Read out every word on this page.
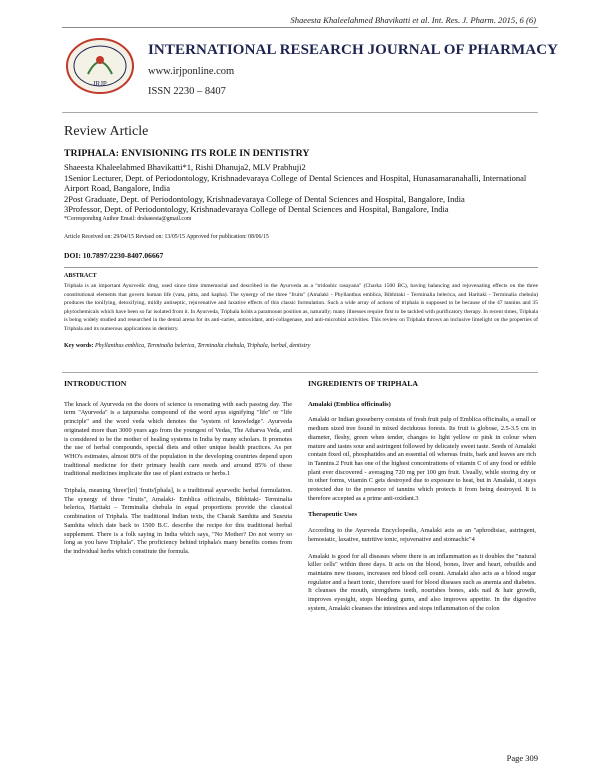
Shaeesta Khaleelahmed Bhavikatti et al. Int. Res. J. Pharm. 2015, 6 (6)
IRJP
INTERNATIONAL RESEARCH JOURNAL OF PHARMACY
www.irjponline.com
ISSN 2230 – 8407
Review Article

TRIPHALA: ENVISIONING ITS ROLE IN DENTISTRY

Shaeesta Khaleelahmed Bhavikatti*1, Rishi Dhanuja2, MLV Prabhuji2

1Senior Lecturer, Dept. of Periodontology, Krishnadevaraya College of Dental Sciences and Hospital, Hunasamaranahalli, International Airport Road, Bangalore, India

2Post Graduate, Dept. of Periodontology, Krishnadevaraya College of Dental Sciences and Hospital, Bangalore, India

3Professor, Dept. of Periodontology, Krishnadevaraya College of Dental Sciences and Hospital, Bangalore, India

*Corresponding Author Email: drshaeesta@gmail.com

Article Received on: 29/04/15 Revised on: 13/05/15 Approved for publication: 08/06/15

DOI: 10.7897/2230-8407.06667

ABSTRACT

Triphala is an important Ayurvedic drug, used since time immemorial and described in the Ayurveda as a "tridoshic rasayana" (Charka 1500 BC), having balancing and rejuvenating effects on the three constitutional elements that govern human life (vata, pitta, and kapha). The synergy of the three "fruits" (Amalaki - Phyllanthus emblica, Bibhitaki - Terminalia belerica, and Haritaki - Terminalia chebula) produces the tonifying, detoxifying, mildly antiseptic, rejuvenative and laxative effects of this classic formulation. Such a wide array of actions of triphala is supposed to be because of the 47 tannins and 35 phytochemicals which have been so far isolated from it. In Ayurveda, Triphala holds a paramount position as, naturally; many illnesses require first to be tackled with purificatory therapy. In recent times, Triphala is being widely studied and researched in the dental arena for its anti-caries, antioxidant, anti-collagenase, and anti-microbial activities. This review on Triphala throws an inclusive limelight on the properties of Triphala and its numerous applications in dentistry.

Key words: Phyllanthus emblica, Terminalia belerica, Terminalia chebula, Triphala, herbal, dentistry

INTRODUCTION

The knack of Ayurveda on the doors of science is resonating with each passing day. The term "Ayurveda" is a tatpurusha compound of the word ayus signifying "life" or "life principle" and the word veda which denotes the "system of knowledge". Ayurveda originated more than 3000 years ago from the youngest of Vedas, The Atharva Veda, and is considered to be the mother of healing systems in India by many scholars. It promotes the use of herbal compounds, special diets and other unique health practices. As per WHO's estimates, almost 80% of the population in the developing countries depend upon traditional medicine for their primary health care needs and around 85% of these traditional medicines implicate the use of plant extracts or herbs.1

Triphala, meaning 'three'[tri] 'fruits'[phala], is a traditional ayurvedic herbal formulation. The synergy of three "fruits", Amalaki- Emblica officinalis, Bibhitaki- Terminalia belerica, Haritaki – Terminalia chebula in equal proportions provide the classical combination of Triphala. The traditional Indian texts, the Charak Samhita and Susruta Samhita which date back to 1500 B.C. describe the recipe for this traditional herbal supplement. There is a folk saying in India which says, "No Mother? Do not worry so long as you have Triphala". The proficiency behind triphala's many benefits comes from the individual herbs which constitute the formula.

INGREDIENTS OF TRIPHALA

Amalaki (Emblica officinalis)

Amalaki or Indian gooseberry consists of fresh fruit pulp of Emblica officinalis, a small or medium sized tree found in mixed deciduous forests. Its fruit is globose, 2.5-3.5 cm in diameter, fleshy, green when tender, changes to light yellow or pink in colour when mature and tastes sour and astringent followed by delicately sweet taste. Seeds of Amalaki contain fixed oil, phosphatides and an essential oil whereas fruits, bark and leaves are rich in Tannins.2 Fruit has one of the highest concentrations of vitamin C of any food or edible plant ever discovered - averaging 720 mg per 100 gm fruit. Usually, while storing dry or in other forms, vitamin C gets destroyed due to exposure to heat, but in Amalaki, it stays protected due to the presence of tannins which protects it from being destroyed. It is therefore accepted as a prime anti-oxidant.3

Therapeutic Uses

According to the Ayurveda Encyclopedia, Amalaki acts as an "aphrodisiac, astringent, hemostatic, laxative, nutritive tonic, rejuvenative and stomachic"4

Amalaki is good for all diseases where there is an inflammation as it doubles the "natural killer cells" within three days. It acts on the blood, bones, liver and heart, rebuilds and maintains new tissues, increases red blood cell count. Amalaki also acts as a blood sugar regulator and a heart tonic, therefore used for blood diseases such as anemia and diabetes. It cleanses the mouth, strengthens teeth, nourishes bones, aids nail & hair growth, improves eyesight, stops bleeding gums, and also improves appetite. In the digestive system, Amalaki cleanses the intestines and stops inflammation of the colon

Page 309
